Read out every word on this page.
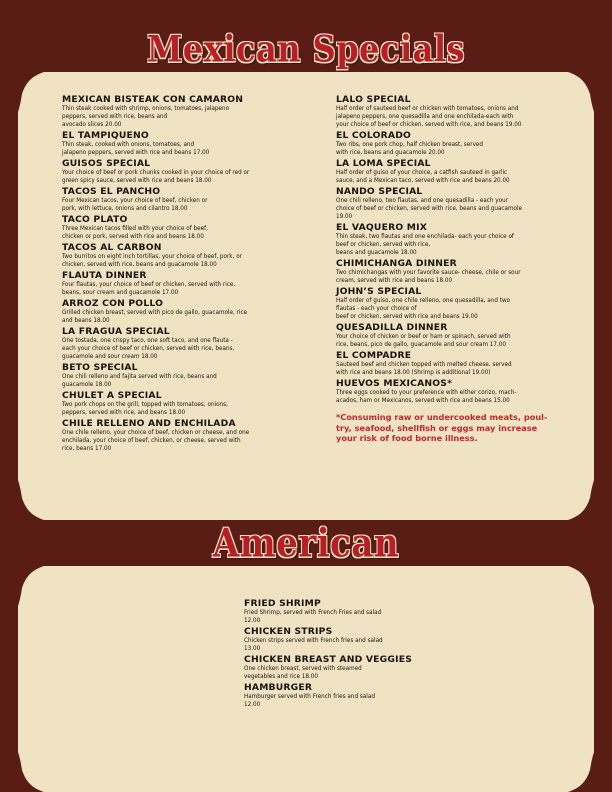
Mexican Specials
MEXICAN BISTEAK CON CAMARON
Thin steak cooked with shrimp, onions, tomatoes, jalapeno
peppers, served with rice, beans and
avocado slices 20.00
EL TAMPIQUENO
Thin steak, cooked with onions, tomatoes, and
jalapeno peppers, served with rice and beans 17.00
GUISOS SPECIAL
Your choice of beef or pork chunks cooked in your choice of red or
green spicy sauce, served with rice and beans 18.00
TACOS EL PANCHO
Four Mexican tacos, your choice of beef, chicken or
pork, with lettuce, onions and cilantro 18.00
TACO PLATO
Three Mexican tacos filled with your choice of beef,
chicken or pork, served with rice and beans 18.00
TACOS AL CARBON
Two burritos on eight inch tortillas, your choice of beef, pork, or
chicken, served with rice, beans and guacamole 18.00
FLAUTA DINNER
Four flautas, your choice of beef or chicken, served with rice,
beans, sour cream and guacamole 17.00
ARROZ CON POLLO
Grilled chicken breast, served with pico de gallo, guacamole, rice
and beans 18.00
LA FRAGUA SPECIAL
One tostada, one crispy taco, one soft taco, and one flauta -
each your choice of beef or chicken, served with rice, beans,
guacamole and sour cream 18.00
BETO SPECIAL
One chili relleno and fajita served with rice, beans and
guacamole 18.00
CHULET A SPECIAL
Two pork chops on the grill, topped with tomatoes, onions,
peppers, served with rice, and beans 18.00
CHILE RELLENO AND ENCHILADA
One chile relleno, your choice of beef, chicken or cheese, and one
enchilada, your choice of beef, chicken, or cheese, served with
rice, beans 17.00
LALO SPECIAL
Half order of sauteed beef or chicken with tomatoes, onions and
jalapeno peppers, one quesadilla and one enchilada-each with
your choice of beef or chicken, served with rice, and beans 19.00
EL COLORADO
Two ribs, one pork chop, half chicken breast, served
with rice, beans and guacamole 20.00
LA LOMA SPECIAL
Half order of guiso of your choice, a catfish sauteed in garlic
sauce, and a Mexican taco, served with rice and beans 20.00
NANDO SPECIAL
One chili relleno, two flautas, and one quesadilla - each your
choice of beef or chicken, served with rice, beans and guacamole
19.00
EL VAQUERO MIX
Thin steak, two flautas and one enchilada- each your choice of
beef or chicken, served with rice,
beans and guacamole 18.00
CHIMICHANGA DINNER
Two chimichangas with your favorite sauce- cheese, chile or sour
cream, served with rice and beans 18.00
JOHN’S SPECIAL
Half order of guiso, one chile relleno, one quesadilla, and two
flautas - each your choice of
beef or chicken, served with rice and beans 19.00
QUESADILLA DINNER
Your choice of chicken or beef or ham or spinach, served with
rice, beans, pico de gallo, guacamole and sour cream 17.00
EL COMPADRE
Sauteed beef and chicken topped with melted cheese, served
with rice and beans 18.00 (Shrimp is additional 19.00)
HUEVOS MEXICANOS*
Three eggs cooked to your preference with either corizo, mach-
acados, ham or Mexicanos, served with rice and beans 15.00
*Consuming raw or undercooked meats, poul-
try, seafood, shellfish or eggs may increase
your risk of food borne illness.
American
FRIED SHRIMP
Fried Shrimp, served with French Fries and salad
12.00
CHICKEN STRIPS
Chicken strips served with French fries and salad
13.00
CHICKEN BREAST AND VEGGIES
One chicken breast, served with steamed
vegetables and rice 18.00
HAMBURGER
Hamburger served with French fries and salad
12.00
